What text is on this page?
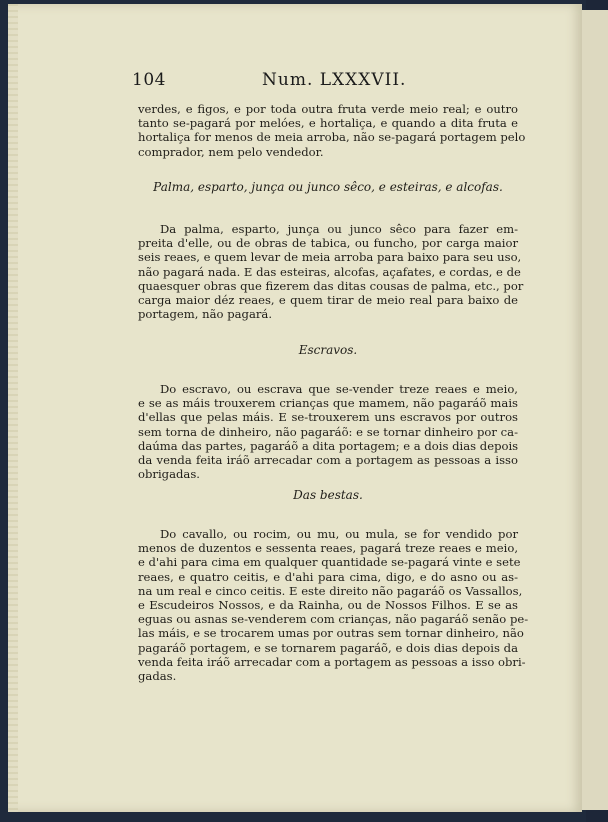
104	Num. LXXXVII.
verdes, e figos, e por toda outra fruta verde meio real; e outro
tanto se-pagará por melóes, e hortaliça, e quando a dita fruta e
hortaliça for menos de meia arroba, não se-pagará portagem pelo
comprador, nem pelo vendedor.
Palma, esparto, junça ou junco sêco, e esteiras, e alcofas.
Da palma, esparto, junça ou junco sêco para fazer em-
preita d'elle, ou de obras de tabica, ou funcho, por carga maior
seis reaes, e quem levar de meia arroba para baixo para seu uso,
não pagará nada. E das esteiras, alcofas, açafates, e cordas, e de
quaesquer obras que fizerem das ditas cousas de palma, etc., por
carga maior déz reaes, e quem tirar de meio real para baixo de
portagem, não pagará.
Escravos.
Do escravo, ou escrava que se-vender treze reaes e meio,
e se as máis trouxerem crianças que mamem, não pagaráõ mais
d'ellas que pelas máis. E se-trouxerem uns escravos por outros
sem torna de dinheiro, não pagaráõ: e se tornar dinheiro por ca-
daúma das partes, pagaráõ a dita portagem; e a dois dias depois
da venda feita iráõ arrecadar com a portagem as pessoas a isso
obrigadas.
Das bestas.
Do cavallo, ou rocim, ou mu, ou mula, se for vendido por
menos de duzentos e sessenta reaes, pagará treze reaes e meio,
e d'ahi para cima em qualquer quantidade se-pagará vinte e sete
reaes, e quatro ceitis, e d'ahi para cima, digo, e do asno ou as-
na um real e cinco ceitis. E este direito não pagaráõ os Vassallos,
e Escudeiros Nossos, e da Rainha, ou de Nossos Filhos. E se as
eguas ou asnas se-venderem com crianças, não pagaráõ senão pe-
las máis, e se trocarem umas por outras sem tornar dinheiro, não
pagaráõ portagem, e se tornarem pagaráõ, e dois dias depois da
venda feita iráõ arrecadar com a portagem as pessoas a isso obri-
gadas.
